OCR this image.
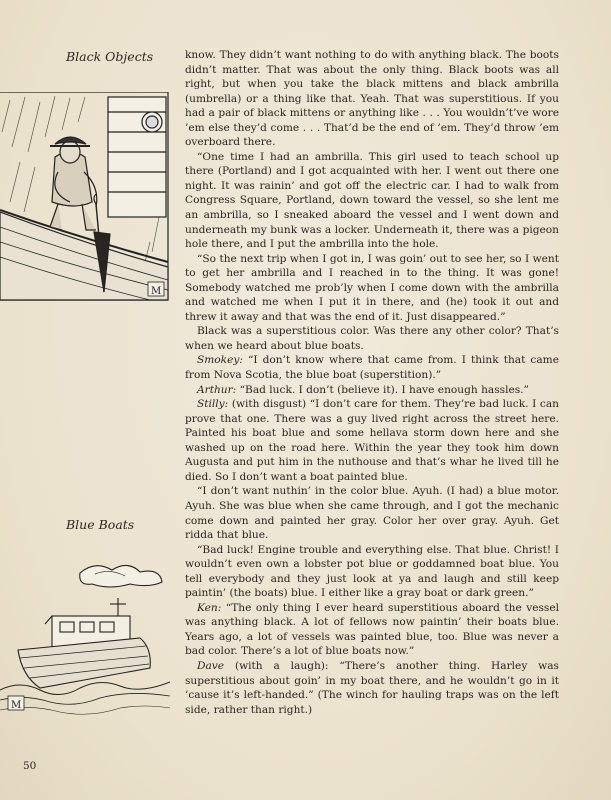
Black Objects
Blue Boats
M
M

know. They didn’t want nothing to do with anything black. The boots didn’t matter. That was about the only thing. Black boots was all right, but when you take the black mittens and black ambrilla (umbrella) or a thing like that. Yeah. That was superstitious. If you had a pair of black mittens or anything like . . . You wouldn’t’ve wore ’em else they’d come . . . That’d be the end of ’em. They’d throw ’em overboard there.

“One time I had an ambrilla. This girl used to teach school up there (Portland) and I got acquainted with her. I went out there one night. It was rainin’ and got off the electric car. I had to walk from Congress Square, Portland, down toward the vessel, so she lent me an ambrilla, so I sneaked aboard the vessel and I went down and underneath my bunk was a locker. Underneath it, there was a pigeon hole there, and I put the ambrilla into the hole.

“So the next trip when I got in, I was goin’ out to see her, so I went to get her ambrilla and I reached in to the thing. It was gone! Somebody watched me prob’ly when I come down with the ambrilla and watched me when I put it in there, and (he) took it out and threw it away and that was the end of it. Just disappeared.”

Black was a superstitious color. Was there any other color? That’s when we heard about blue boats.

Smokey: “I don’t know where that came from. I think that came from Nova Scotia, the blue boat (superstition).”

Arthur: “Bad luck. I don’t (believe it). I have enough hassles.”

Stilly: (with disgust) “I don’t care for them. They’re bad luck. I can prove that one. There was a guy lived right across the street here. Painted his boat blue and some hellava storm down here and she washed up on the road here. Within the year they took him down Augusta and put him in the nuthouse and that’s whar he lived till he died. So I don’t want a boat painted blue.

“I don’t want nuthin’ in the color blue. Ayuh. (I had) a blue motor. Ayuh. She was blue when she came through, and I got the mechanic come down and painted her gray. Color her over gray. Ayuh. Get ridda that blue.

“Bad luck! Engine trouble and everything else. That blue. Christ! I wouldn’t even own a lobster pot blue or goddamned boat blue. You tell everybody and they just look at ya and laugh and still keep paintin’ (the boats) blue. I either like a gray boat or dark green.”

Ken: “The only thing I ever heard superstitious aboard the vessel was anything black. A lot of fellows now paintin’ their boats blue. Years ago, a lot of vessels was painted blue, too. Blue was never a bad color. There’s a lot of blue boats now.”

Dave (with a laugh): “There’s another thing. Harley was superstitious about goin’ in my boat there, and he wouldn’t go in it ’cause it’s left-handed.” (The winch for hauling traps was on the left side, rather than right.)

50
